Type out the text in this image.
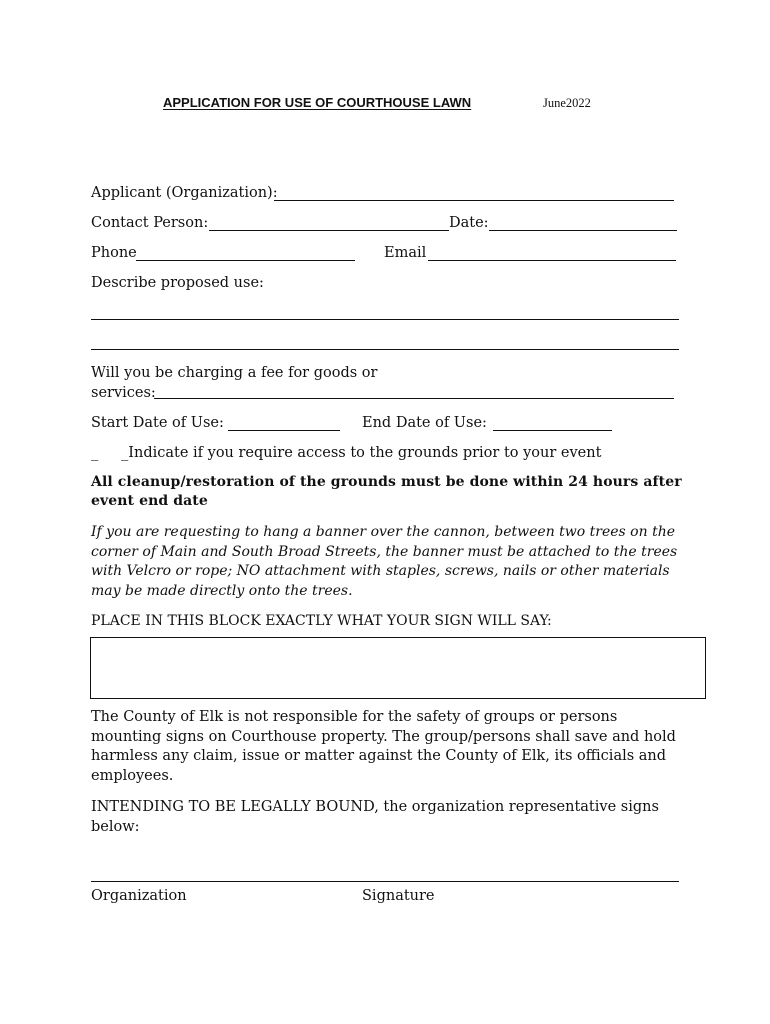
APPLICATION FOR USE OF COURTHOUSE LAWN	June2022
Applicant (Organization):
Contact Person:	Date:
Phone	Email
Describe proposed use:
Will you be charging a fee for goods or
services:
Start Date of Use:	End Date of Use:
_ _Indicate if you require access to the grounds prior to your event
All cleanup/restoration of the grounds must be done within 24 hours after event end date
If you are requesting to hang a banner over the cannon, between two trees on the corner of Main and South Broad Streets, the banner must be attached to the trees with Velcro or rope; NO attachment with staples, screws, nails or other materials may be made directly onto the trees.
PLACE IN THIS BLOCK EXACTLY WHAT YOUR SIGN WILL SAY:
The County of Elk is not responsible for the safety of groups or persons mounting signs on Courthouse property. The group/persons shall save and hold harmless any claim, issue or matter against the County of Elk, its officials and employees.
INTENDING TO BE LEGALLY BOUND, the organization representative signs below:
Organization	Signature
